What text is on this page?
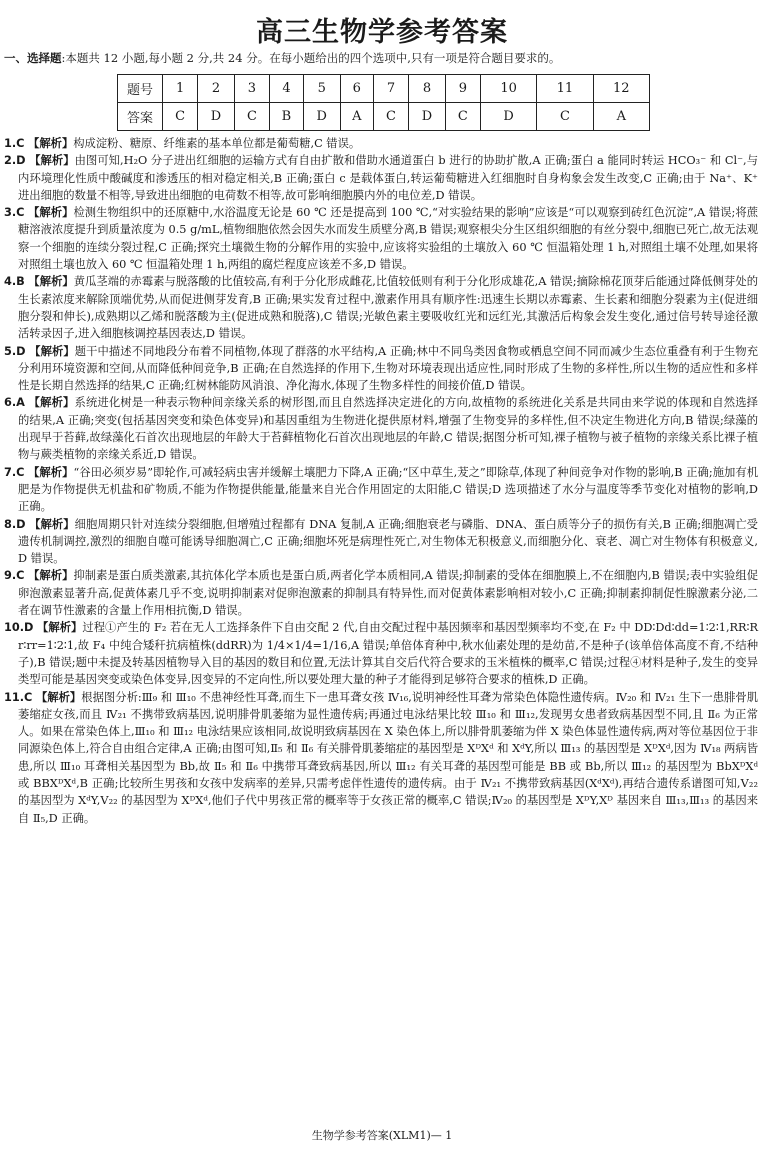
高三生物学参考答案
一、选择题:本题共 12 小题,每小题 2 分,共 24 分。在每小题给出的四个选项中,只有一项是符合题目要求的。
题号	1	2	3	4	5	6	7	8	9	10	11	12
答案	C	D	C	B	D	A	C	D	C	D	C	A
1.C 【解析】构成淀粉、糖原、纤维素的基本单位都是葡萄糖,C 错误。
2.D 【解析】由图可知,H₂O 分子进出红细胞的运输方式有自由扩散和借助水通道蛋白 b 进行的协助扩散,A 正确;蛋白 a 能同时转运 HCO₃⁻ 和 Cl⁻,与内环境理化性质中酸碱度和渗透压的相对稳定相关,B 正确;蛋白 c 是载体蛋白,转运葡萄糖进入红细胞时自身构象会发生改变,C 正确;由于 Na⁺、K⁺ 进出细胞的数量不相等,导致进出细胞的电荷数不相等,故可影响细胞膜内外的电位差,D 错误。
3.C 【解析】检测生物组织中的还原糖中,水浴温度无论是 60 ℃ 还是提高到 100 ℃,“对实验结果的影响”应该是“可以观察到砖红色沉淀”,A 错误;将蔗糖溶液浓度提升到质量浓度为 0.5 g/mL,植物细胞依然会因失水而发生质壁分离,B 错误;观察根尖分生区组织细胞的有丝分裂中,细胞已死亡,故无法观察一个细胞的连续分裂过程,C 正确;探究土壤微生物的分解作用的实验中,应该将实验组的土壤放入 60 ℃ 恒温箱处理 1 h,对照组土壤不处理,如果将对照组土壤也放入 60 ℃ 恒温箱处理 1 h,两组的腐烂程度应该差不多,D 错误。
4.B 【解析】黄瓜茎端的赤霉素与脱落酸的比值较高,有利于分化形成雌花,比值较低则有利于分化形成雄花,A 错误;摘除棉花顶芽后能通过降低侧芽处的生长素浓度来解除顶端优势,从而促进侧芽发育,B 正确;果实发育过程中,激素作用具有顺序性:迅速生长期以赤霉素、生长素和细胞分裂素为主(促进细胞分裂和伸长),成熟期以乙烯和脱落酸为主(促进成熟和脱落),C 错误;光敏色素主要吸收红光和远红光,其激活后构象会发生变化,通过信号转导途径激活转录因子,进入细胞核调控基因表达,D 错误。
5.D 【解析】题干中描述不同地段分布着不同植物,体现了群落的水平结构,A 正确;林中不同鸟类因食物或栖息空间不同而减少生态位重叠有利于生物充分利用环境资源和空间,从而降低种间竞争,B 正确;在自然选择的作用下,生物对环境表现出适应性,同时形成了生物的多样性,所以生物的适应性和多样性是长期自然选择的结果,C 正确;红树林能防风消浪、净化海水,体现了生物多样性的间接价值,D 错误。
6.A 【解析】系统进化树是一种表示物种间亲缘关系的树形图,而且自然选择决定进化的方向,故植物的系统进化关系是共同由来学说的体现和自然选择的结果,A 正确;突变(包括基因突变和染色体变异)和基因重组为生物进化提供原材料,增强了生物变异的多样性,但不决定生物进化方向,B 错误;绿藻的出现早于苔藓,故绿藻化石首次出现地层的年龄大于苔藓植物化石首次出现地层的年龄,C 错误;据图分析可知,裸子植物与被子植物的亲缘关系比裸子植物与蕨类植物的亲缘关系近,D 错误。
7.C 【解析】“谷田必须岁易”即轮作,可减轻病虫害并缓解土壤肥力下降,A 正确;“区中草生,茇之”即除草,体现了种间竞争对作物的影响,B 正确;施加有机肥是为作物提供无机盐和矿物质,不能为作物提供能量,能量来自光合作用固定的太阳能,C 错误;D 选项描述了水分与温度等季节变化对植物的影响,D 正确。
8.D 【解析】细胞周期只针对连续分裂细胞,但增殖过程都有 DNA 复制,A 正确;细胞衰老与磷脂、DNA、蛋白质等分子的损伤有关,B 正确;细胞凋亡受遗传机制调控,激烈的细胞自噬可能诱导细胞凋亡,C 正确;细胞坏死是病理性死亡,对生物体无积极意义,而细胞分化、衰老、凋亡对生物体有积极意义,D 错误。
9.C 【解析】抑制素是蛋白质类激素,其抗体化学本质也是蛋白质,两者化学本质相同,A 错误;抑制素的受体在细胞膜上,不在细胞内,B 错误;表中实验组促卵泡激素显著升高,促黄体素几乎不变,说明抑制素对促卵泡激素的抑制具有特异性,而对促黄体素影响相对较小,C 正确;抑制素抑制促性腺激素分泌,二者在调节性激素的含量上作用相抗衡,D 错误。
10.D 【解析】过程①产生的 F₂ 若在无人工选择条件下自由交配 2 代,自由交配过程中基因频率和基因型频率均不变,在 F₂ 中 DD∶Dd∶dd=1∶2∶1,RR∶Rr∶rr=1∶2∶1,故 F₄ 中纯合矮秆抗病植株(ddRR)为 1/4×1/4=1/16,A 错误;单倍体育种中,秋水仙素处理的是幼苗,不是种子(该单倍体高度不育,不结种子),B 错误;题中未提及转基因植物导入目的基因的数目和位置,无法计算其自交后代符合要求的玉米植株的概率,C 错误;过程④材料是种子,发生的变异类型可能是基因突变或染色体变异,因变异的不定向性,所以要处理大量的种子才能得到足够符合要求的植株,D 正确。
11.C 【解析】根据图分析:Ⅲ₉ 和 Ⅲ₁₀ 不患神经性耳聋,而生下一患耳聋女孩 Ⅳ₁₆,说明神经性耳聋为常染色体隐性遗传病。Ⅳ₂₀ 和 Ⅳ₂₁ 生下一患腓骨肌萎缩症女孩,而且 Ⅳ₂₁ 不携带致病基因,说明腓骨肌萎缩为显性遗传病;再通过电泳结果比较 Ⅲ₁₀ 和 Ⅲ₁₂,发现男女患者致病基因型不同,且 Ⅱ₆ 为正常人。如果在常染色体上,Ⅲ₁₀ 和 Ⅲ₁₂ 电泳结果应该相同,故说明致病基因在 X 染色体上,所以腓骨肌萎缩为伴 X 染色体显性遗传病,两对等位基因位于非同源染色体上,符合自由组合定律,A 正确;由图可知,Ⅱ₅ 和 Ⅱ₆ 有关腓骨肌萎缩症的基因型是 XᴰXᵈ 和 XᵈY,所以 Ⅲ₁₃ 的基因型是 XᴰXᵈ,因为 Ⅳ₁₈ 两病皆患,所以 Ⅲ₁₀ 耳聋相关基因型为 Bb,故 Ⅱ₅ 和 Ⅱ₆ 中携带耳聋致病基因,所以 Ⅲ₁₂ 有关耳聋的基因型可能是 BB 或 Bb,所以 Ⅲ₁₂ 的基因型为 BbXᴰXᵈ 或 BBXᴰXᵈ,B 正确;比较所生男孩和女孩中发病率的差异,只需考虑伴性遗传的遗传病。由于 Ⅳ₂₁ 不携带致病基因(XᵈXᵈ),再结合遗传系谱图可知,Ⅴ₂₂ 的基因型为 XᵈY,Ⅴ₂₂ 的基因型为 XᴰXᵈ,他们子代中男孩正常的概率等于女孩正常的概率,C 错误;Ⅳ₂₀ 的基因型是 XᴰY,Xᴰ 基因来自 Ⅲ₁₃,Ⅲ₁₃ 的基因来自 Ⅱ₅,D 正确。
生物学参考答案(XLM1)— 1
